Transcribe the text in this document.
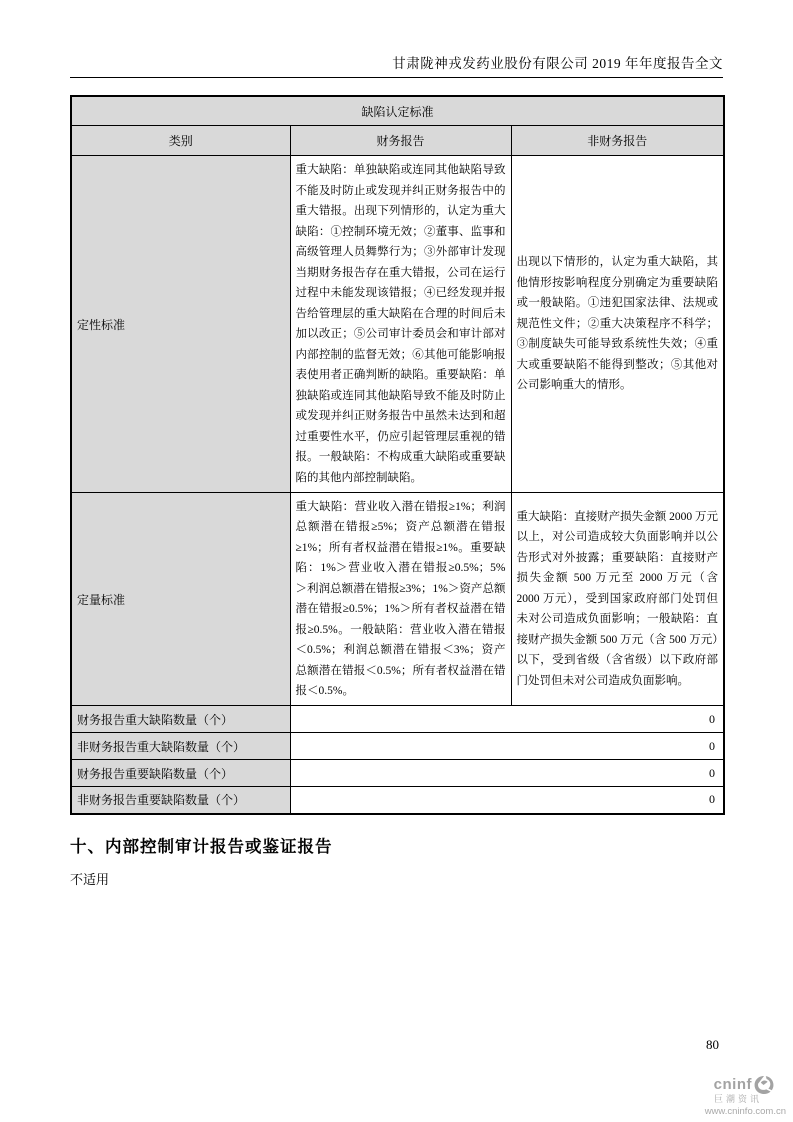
甘肃陇神戎发药业股份有限公司 2019 年年度报告全文
缺陷认定标准		
类别	财务报告	非财务报告
定性标准	重大缺陷：单独缺陷或连同其他缺陷导致不能及时防止或发现并纠正财务报告中的重大错报。出现下列情形的，认定为重大缺陷：①控制环境无效；②董事、监事和高级管理人员舞弊行为；③外部审计发现当期财务报告存在重大错报，公司在运行过程中未能发现该错报；④已经发现并报告给管理层的重大缺陷在合理的时间后未加以改正；⑤公司审计委员会和审计部对内部控制的监督无效；⑥其他可能影响报表使用者正确判断的缺陷。重要缺陷：单独缺陷或连同其他缺陷导致不能及时防止或发现并纠正财务报告中虽然未达到和超过重要性水平，仍应引起管理层重视的错报。一般缺陷：不构成重大缺陷或重要缺陷的其他内部控制缺陷。	出现以下情形的，认定为重大缺陷，其他情形按影响程度分别确定为重要缺陷或一般缺陷。①违犯国家法律、法规或规范性文件；②重大决策程序不科学；③制度缺失可能导致系统性失效；④重大或重要缺陷不能得到整改；⑤其他对公司影响重大的情形。
定量标准	重大缺陷：营业收入潜在错报≥1%；利润总额潜在错报≥5%；资产总额潜在错报≥1%；所有者权益潜在错报≥1%。重要缺陷：1%＞营业收入潜在错报≥0.5%；5%＞利润总额潜在错报≥3%；1%＞资产总额潜在错报≥0.5%；1%＞所有者权益潜在错报≥0.5%。一般缺陷：营业收入潜在错报＜0.5%；利润总额潜在错报＜3%；资产总额潜在错报＜0.5%；所有者权益潜在错报＜0.5%。	重大缺陷：直接财产损失金额 2000 万元以上，对公司造成较大负面影响并以公告形式对外披露；重要缺陷：直接财产损失金额 500 万元至 2000 万元（含 2000 万元），受到国家政府部门处罚但未对公司造成负面影响；一般缺陷：直接财产损失金额 500 万元（含 500 万元）以下，受到省级（含省级）以下政府部门处罚但未对公司造成负面影响。
财务报告重大缺陷数量（个）	0	
非财务报告重大缺陷数量（个）	0	
财务报告重要缺陷数量（个）	0	
非财务报告重要缺陷数量（个）	0	
十、内部控制审计报告或鉴证报告
不适用
80
cninf
巨潮资讯
www.cninfo.com.cn
